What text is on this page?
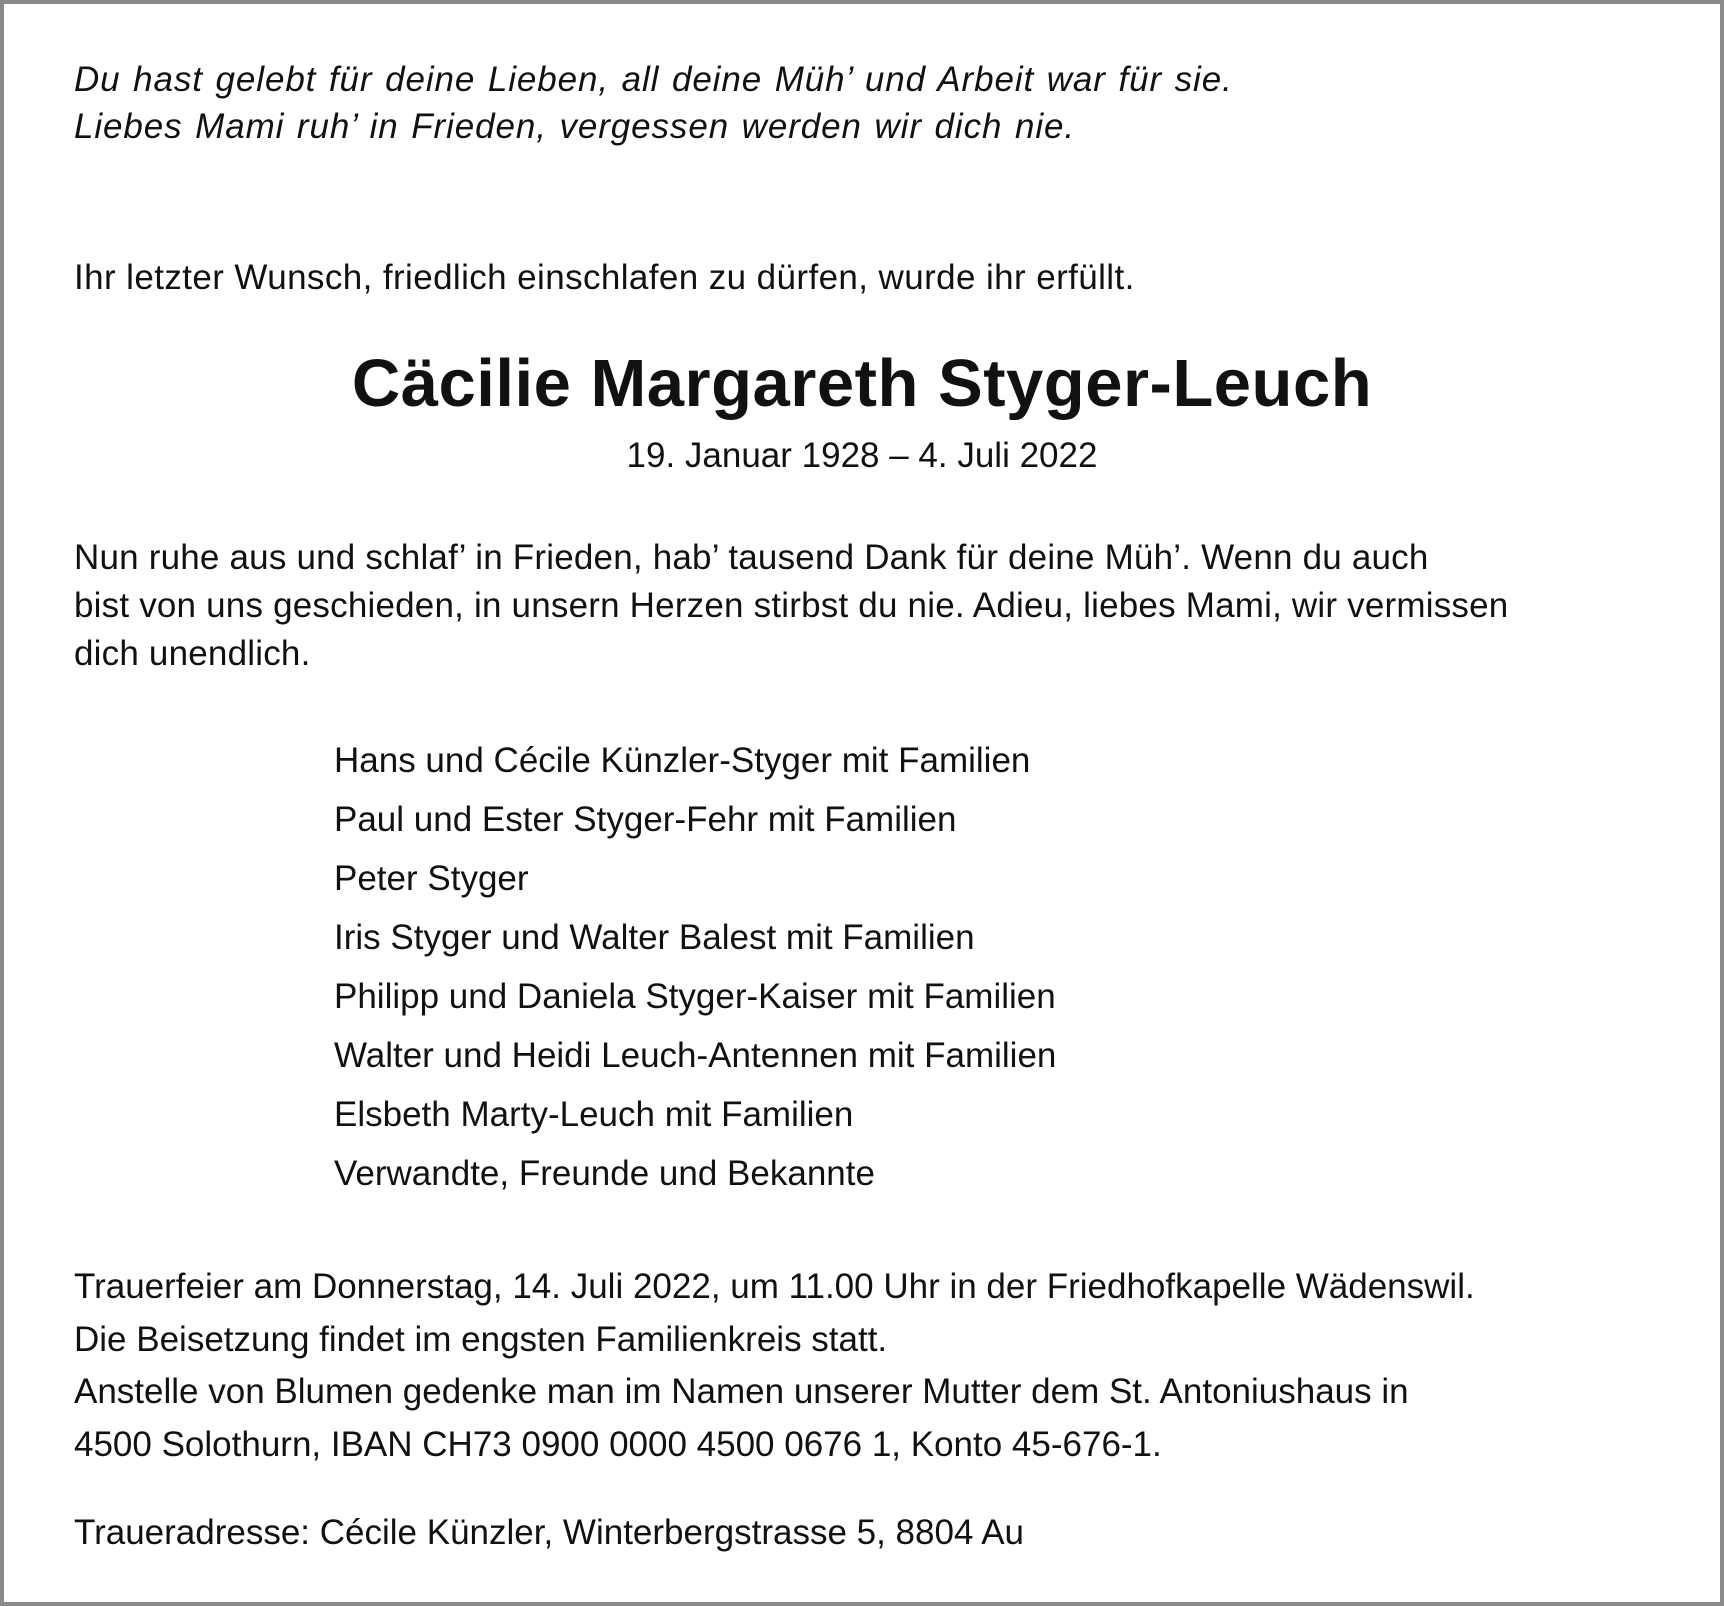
Du hast gelebt für deine Lieben, all deine Müh’ und Arbeit war für sie.
Liebes Mami ruh’ in Frieden, vergessen werden wir dich nie.
Ihr letzter Wunsch, friedlich einschlafen zu dürfen, wurde ihr erfüllt.
Cäcilie Margareth Styger-Leuch
19. Januar 1928 – 4. Juli 2022
Nun ruhe aus und schlaf’ in Frieden, hab’ tausend Dank für deine Müh’. Wenn du auch
bist von uns geschieden, in unsern Herzen stirbst du nie. Adieu, liebes Mami, wir vermissen
dich unendlich.
Hans und Cécile Künzler-Styger mit Familien
Paul und Ester Styger-Fehr mit Familien
Peter Styger
Iris Styger und Walter Balest mit Familien
Philipp und Daniela Styger-Kaiser mit Familien
Walter und Heidi Leuch-Antennen mit Familien
Elsbeth Marty-Leuch mit Familien
Verwandte, Freunde und Bekannte
Trauerfeier am Donnerstag, 14. Juli 2022, um 11.00 Uhr in der Friedhofkapelle Wädenswil.
Die Beisetzung findet im engsten Familienkreis statt.
Anstelle von Blumen gedenke man im Namen unserer Mutter dem St. Antoniushaus in
4500 Solothurn, IBAN CH73 0900 0000 4500 0676 1, Konto 45-676-1.
Traueradresse: Cécile Künzler, Winterbergstrasse 5, 8804 Au
